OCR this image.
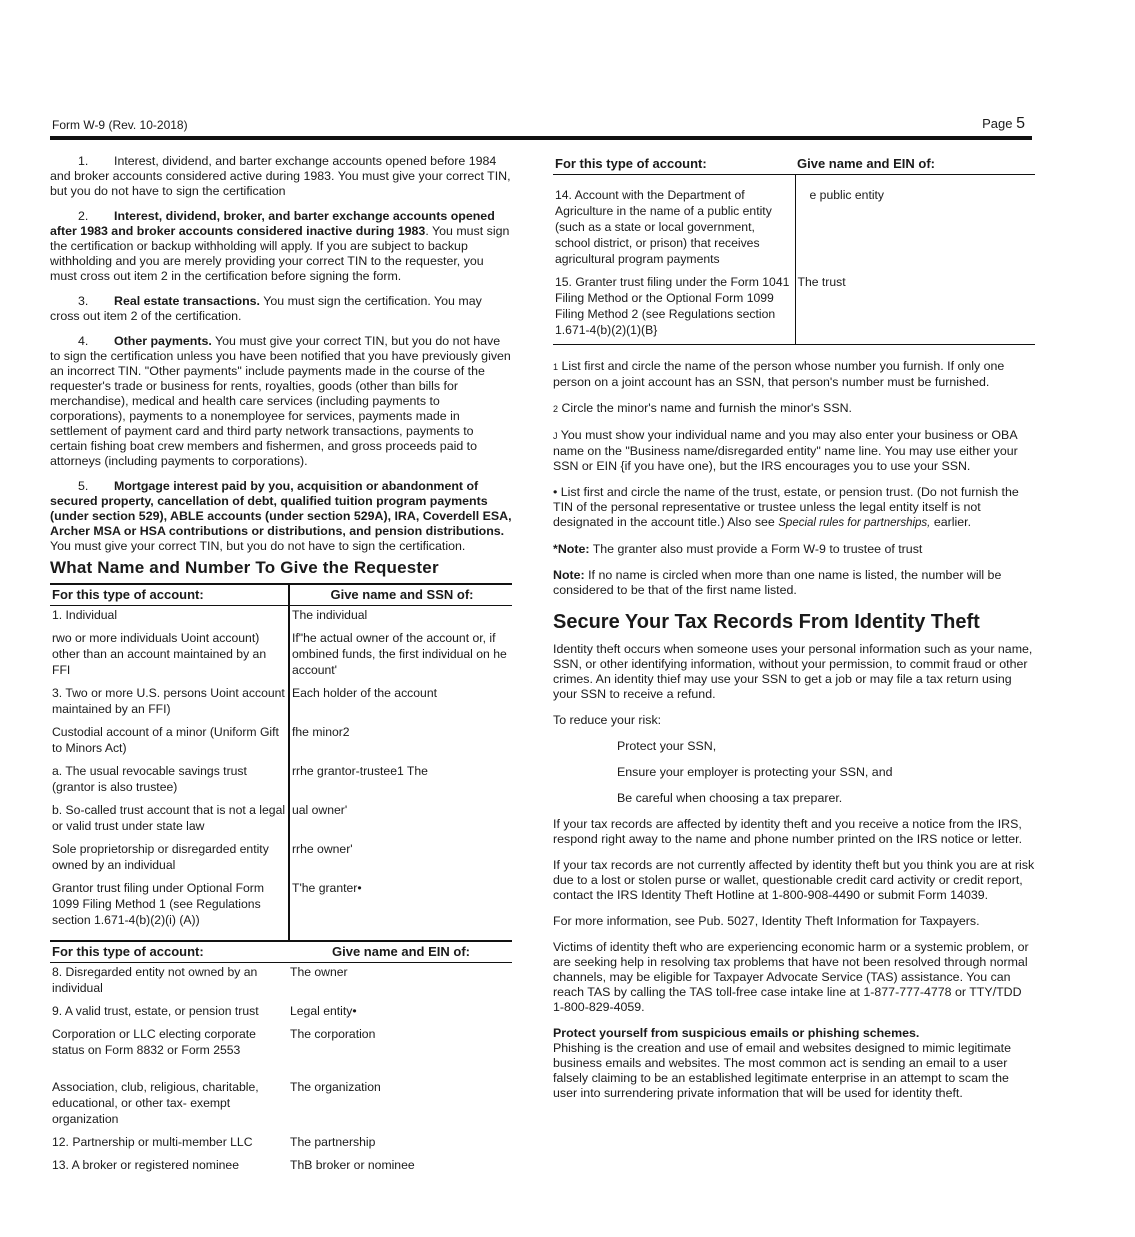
Form W-9 (Rev. 10-2018)	Page 5

1. Interest, dividend, and barter exchange accounts opened before 1984 and broker accounts considered active during 1983. You must give your correct TIN, but you do not have to sign the certification

2. Interest, dividend, broker, and barter exchange accounts opened after 1983 and broker accounts considered inactive during 1983. You must sign the certification or backup withholding will apply. If you are subject to backup withholding and you are merely providing your correct TIN to the requester, you must cross out item 2 in the certification before signing the form.

3. Real estate transactions. You must sign the certification. You may cross out item 2 of the certification.

4. Other payments. You must give your correct TIN, but you do not have to sign the certification unless you have been notified that you have previously given an incorrect TIN. "Other payments" include payments made in the course of the requester's trade or business for rents, royalties, goods (other than bills for merchandise), medical and health care services (including payments to corporations), payments to a nonemployee for services, payments made in settlement of payment card and third party network transactions, payments to certain fishing boat crew members and fishermen, and gross proceeds paid to attorneys (including payments to corporations).

5. Mortgage interest paid by you, acquisition or abandonment of secured property, cancellation of debt, qualified tuition program payments (under section 529), ABLE accounts (under section 529A), IRA, Coverdell ESA, Archer MSA or HSA contributions or distributions, and pension distributions. You must give your correct TIN, but you do not have to sign the certification.

What Name and Number To Give the Requester
For this type of account:	Give name and SSN of:
1. Individual	The individual
rwo or more individuals Uoint account) other than an account maintained by an FFI	If"he actual owner of the account or, if ombined funds, the first individual on he account'
3. Two or more U.S. persons Uoint account maintained by an FFI)	Each holder of the account
Custodial account of a minor (Uniform Gift to Minors Act)	fhe minor2
a. The usual revocable savings trust (grantor is also trustee)	rrhe grantor-trustee1 The
b. So-called trust account that is not a legal or valid trust under state law	ual owner'
Sole proprietorship or disregarded entity owned by an individual	rrhe owner'
Grantor trust filing under Optional Form 1099 Filing Method 1 (see Regulations section 1.671-4(b)(2)(i) (A))	T'he granter•
For this type of account:	Give name and EIN of:
8. Disregarded entity not owned by an individual	The owner
9. A valid trust, estate, or pension trust	Legal entity•
Corporation or LLC electing corporate status on Form 8832 or Form 2553	The corporation
Association, club, religious, charitable, educational, or other tax- exempt organization	The organization
12. Partnership or multi-member LLC	The partnership
13. A broker or registered nominee	ThB broker or nominee
For this type of account:	Give name and EIN of:
14. Account with the Department of Agriculture in the name of a public entity (such as a state or local government, school district, or prison) that receives agricultural program payments	e public entity
15. Granter trust filing under the Form 1041 Filing Method or the Optional Form 1099 Filing Method 2 (see Regulations section 1.671-4(b)(2)(1)(B}	The trust

1 List first and circle the name of the person whose number you furnish. If only one person on a joint account has an SSN, that person's number must be furnished.

2 Circle the minor's name and furnish the minor's SSN.

J You must show your individual name and you may also enter your business or OBA name on the "Business name/disregarded entity" name line. You may use either your SSN or EIN {if you have one), but the IRS encourages you to use your SSN.

• List first and circle the name of the trust, estate, or pension trust. (Do not furnish the TIN of the personal representative or trustee unless the legal entity itself is not designated in the account title.) Also see Special rules for partnerships, earlier.

*Note: The granter also must provide a Form W-9 to trustee of trust

Note: If no name is circled when more than one name is listed, the number will be considered to be that of the first name listed.

Secure Your Tax Records From Identity Theft

Identity theft occurs when someone uses your personal information such as your name, SSN, or other identifying information, without your permission, to commit fraud or other crimes. An identity thief may use your SSN to get a job or may file a tax return using your SSN to receive a refund.

To reduce your risk:

Protect your SSN,

Ensure your employer is protecting your SSN, and

Be careful when choosing a tax preparer.

If your tax records are affected by identity theft and you receive a notice from the IRS, respond right away to the name and phone number printed on the IRS notice or letter.

If your tax records are not currently affected by identity theft but you think you are at risk due to a lost or stolen purse or wallet, questionable credit card activity or credit report, contact the IRS Identity Theft Hotline at 1-800-908-4490 or submit Form 14039.

For more information, see Pub. 5027, Identity Theft Information for Taxpayers.

Victims of identity theft who are experiencing economic harm or a systemic problem, or are seeking help in resolving tax problems that have not been resolved through normal channels, may be eligible for Taxpayer Advocate Service (TAS) assistance. You can reach TAS by calling the TAS toll-free case intake line at 1-877-777-4778 or TTY/TDD 1-800-829-4059.

Protect yourself from suspicious emails or phishing schemes.
Phishing is the creation and use of email and websites designed to mimic legitimate business emails and websites. The most common act is sending an email to a user falsely claiming to be an established legitimate enterprise in an attempt to scam the user into surrendering private information that will be used for identity theft.
